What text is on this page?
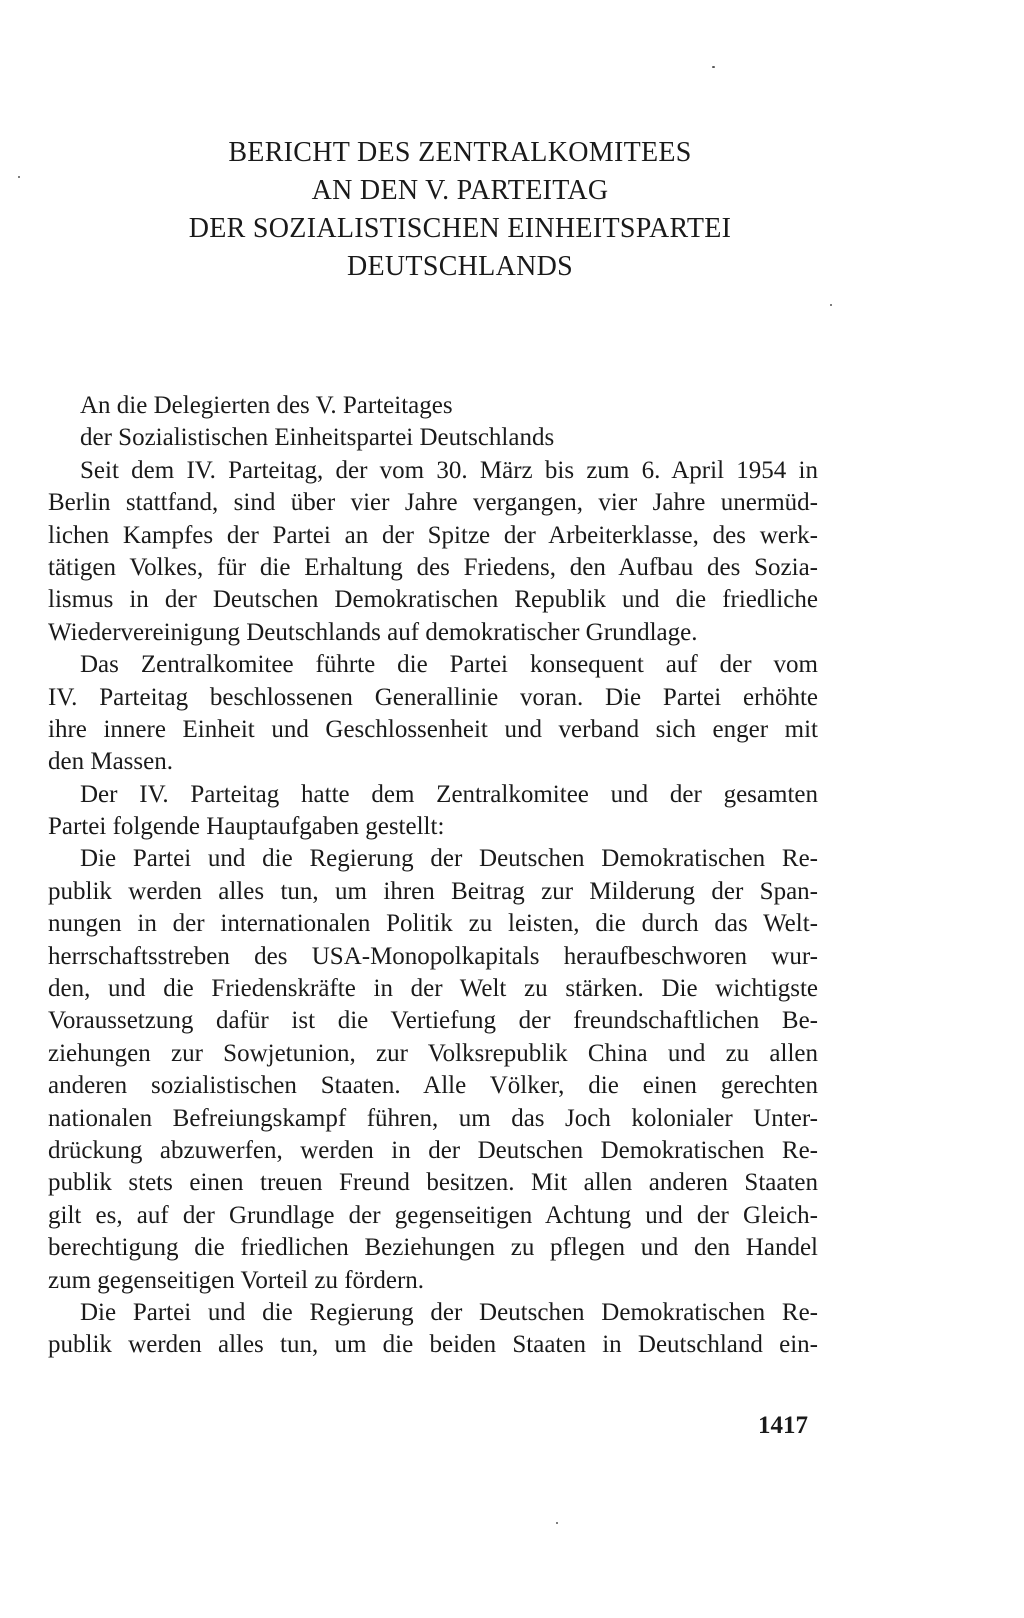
BERICHT DES ZENTRALKOMITEES
AN DEN V. PARTEITAG
DER SOZIALISTISCHEN EINHEITSPARTEI
DEUTSCHLANDS
An die Delegierten des V. Parteitages
der Sozialistischen Einheitspartei Deutschlands
Seit dem IV. Parteitag, der vom 30. März bis zum 6. April 1954 in
Berlin stattfand, sind über vier Jahre vergangen, vier Jahre unermüd-
lichen Kampfes der Partei an der Spitze der Arbeiterklasse, des werk-
tätigen Volkes, für die Erhaltung des Friedens, den Aufbau des Sozia-
lismus in der Deutschen Demokratischen Republik und die friedliche
Wiedervereinigung Deutschlands auf demokratischer Grundlage.
Das Zentralkomitee führte die Partei konsequent auf der vom
IV. Parteitag beschlossenen Generallinie voran. Die Partei erhöhte
ihre innere Einheit und Geschlossenheit und verband sich enger mit
den Massen.
Der IV. Parteitag hatte dem Zentralkomitee und der gesamten
Partei folgende Hauptaufgaben gestellt:
Die Partei und die Regierung der Deutschen Demokratischen Re-
publik werden alles tun, um ihren Beitrag zur Milderung der Span-
nungen in der internationalen Politik zu leisten, die durch das Welt-
herrschaftsstreben des USA-Monopolkapitals heraufbeschworen wur-
den, und die Friedenskräfte in der Welt zu stärken. Die wichtigste
Voraussetzung dafür ist die Vertiefung der freundschaftlichen Be-
ziehungen zur Sowjetunion, zur Volksrepublik China und zu allen
anderen sozialistischen Staaten. Alle Völker, die einen gerechten
nationalen Befreiungskampf führen, um das Joch kolonialer Unter-
drückung abzuwerfen, werden in der Deutschen Demokratischen Re-
publik stets einen treuen Freund besitzen. Mit allen anderen Staaten
gilt es, auf der Grundlage der gegenseitigen Achtung und der Gleich-
berechtigung die friedlichen Beziehungen zu pflegen und den Handel
zum gegenseitigen Vorteil zu fördern.
Die Partei und die Regierung der Deutschen Demokratischen Re-
publik werden alles tun, um die beiden Staaten in Deutschland ein-
1417
